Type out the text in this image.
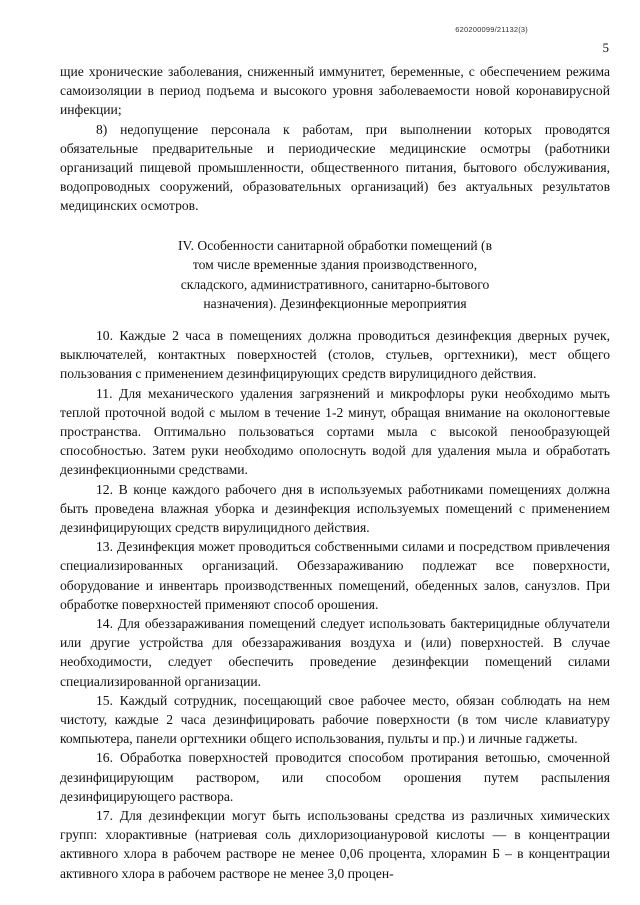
620200099/21132(3)
5

щие хронические заболевания, сниженный иммунитет, беременные, с обеспечением режима самоизоляции в период подъема и высокого уровня заболеваемости новой коронавирусной инфекции;

8) недопущение персонала к работам, при выполнении которых проводятся обязательные предварительные и периодические медицинские осмотры (работники организаций пищевой промышленности, общественного питания, бытового обслуживания, водопроводных сооружений, образовательных организаций) без актуальных результатов медицинских осмотров.

IV. Особенности санитарной обработки помещений (в том числе временные здания производственного, складского, административного, санитарно-бытового назначения). Дезинфекционные мероприятия

10. Каждые 2 часа в помещениях должна проводиться дезинфекция дверных ручек, выключателей, контактных поверхностей (столов, стульев, оргтехники), мест общего пользования с применением дезинфицирующих средств вирулицидного действия.

11. Для механического удаления загрязнений и микрофлоры руки необходимо мыть теплой проточной водой с мылом в течение 1-2 минут, обращая внимание на околоногтевые пространства. Оптимально пользоваться сортами мыла с высокой пенообразующей способностью. Затем руки необходимо ополоснуть водой для удаления мыла и обработать дезинфекционными средствами.

12. В конце каждого рабочего дня в используемых работниками помещениях должна быть проведена влажная уборка и дезинфекция используемых помещений с применением дезинфицирующих средств вирулицидного действия.

13. Дезинфекция может проводиться собственными силами и посредством привлечения специализированных организаций. Обеззараживанию подлежат все поверхности, оборудование и инвентарь производственных помещений, обеденных залов, санузлов. При обработке поверхностей применяют способ орошения.

14. Для обеззараживания помещений следует использовать бактерицидные облучатели или другие устройства для обеззараживания воздуха и (или) поверхностей. В случае необходимости, следует обеспечить проведение дезинфекции помещений силами специализированной организации.

15. Каждый сотрудник, посещающий свое рабочее место, обязан соблюдать на нем чистоту, каждые 2 часа дезинфицировать рабочие поверхности (в том числе клавиатуру компьютера, панели оргтехники общего использования, пульты и пр.) и личные гаджеты.

16. Обработка поверхностей проводится способом протирания ветошью, смоченной дезинфицирующим раствором, или способом орошения путем распыления дезинфицирующего раствора.

17. Для дезинфекции могут быть использованы средства из различных химических групп: хлорактивные (натриевая соль дихлоризоциануровой кислоты — в концентрации активного хлора в рабочем растворе не менее 0,06 процента, хлорамин Б – в концентрации активного хлора в рабочем растворе не менее 3,0 процен-
